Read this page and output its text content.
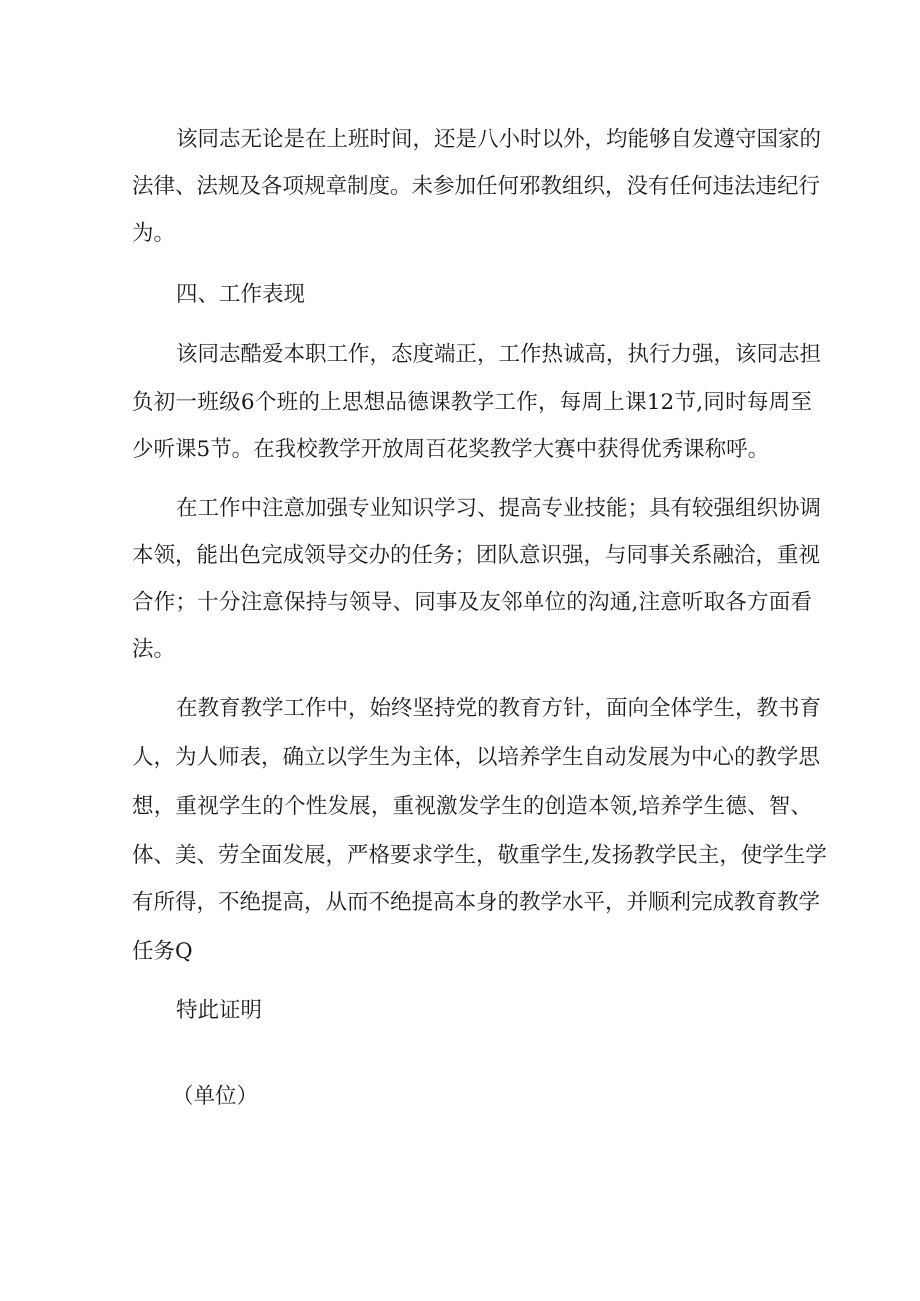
该同志无论是在上班时间，还是八小时以外，均能够自发遵守国家的
法律、法规及各项规章制度。未参加任何邪教组织，没有任何违法违纪行
为。
四、工作表现
该同志酷爱本职工作，态度端正，工作热诚高，执行力强，该同志担
负初一班级6个班的上思想品德课教学工作，每周上课12节,同时每周至
少听课5节。在我校教学开放周百花奖教学大赛中获得优秀课称呼。
在工作中注意加强专业知识学习、提高专业技能；具有较强组织协调
本领，能出色完成领导交办的任务；团队意识强，与同事关系融洽，重视
合作；十分注意保持与领导、同事及友邻单位的沟通,注意听取各方面看
法。
在教育教学工作中，始终坚持党的教育方针，面向全体学生，教书育
人，为人师表，确立以学生为主体，以培养学生自动发展为中心的教学思
想，重视学生的个性发展，重视激发学生的创造本领,培养学生德、智、
体、美、劳全面发展，严格要求学生，敬重学生,发扬教学民主，使学生学
有所得，不绝提高，从而不绝提高本身的教学水平，并顺利完成教育教学
任务Q
特此证明
（单位）
